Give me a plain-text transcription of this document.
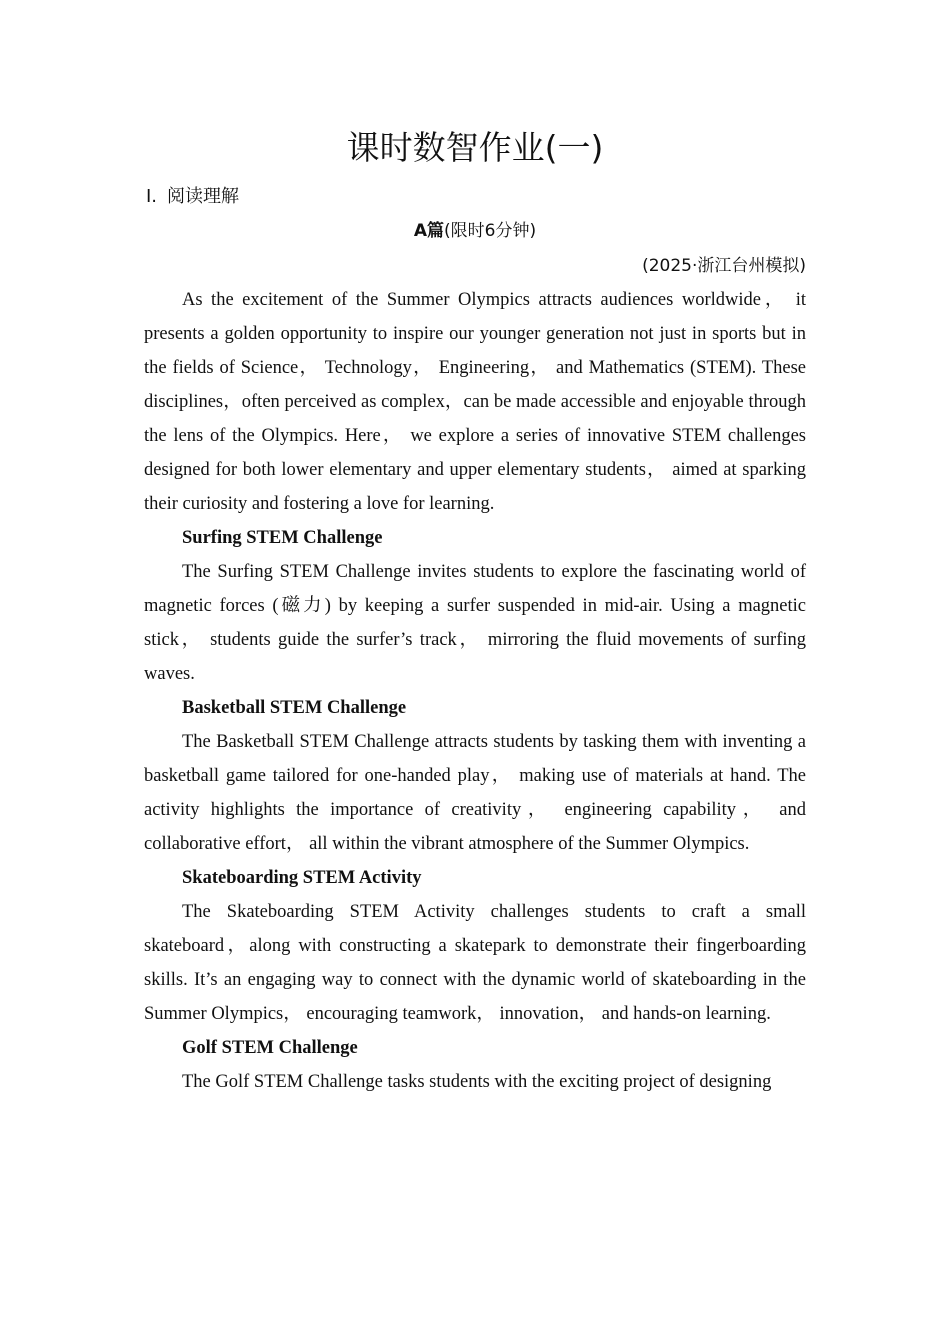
课时数智作业(一)
Ⅰ. 阅读理解
A篇(限时6分钟)
(2025·浙江台州模拟)

As the excitement of the Summer Olympics attracts audiences worldwide， it presents a golden opportunity to inspire our younger generation not just in sports but in the fields of Science， Technology， Engineering， and Mathematics (STEM). These disciplines，often perceived as complex，can be made accessible and enjoyable through the lens of the Olympics. Here， we explore a series of innovative STEM challenges designed for both lower elementary and upper elementary students， aimed at sparking their curiosity and fostering a love for learning.

Surfing STEM Challenge

The Surfing STEM Challenge invites students to explore the fascinating world of magnetic forces (磁力) by keeping a surfer suspended in mid-air. Using a magnetic stick， students guide the surfer’s track， mirroring the fluid movements of surfing waves.

Basketball STEM Challenge

The Basketball STEM Challenge attracts students by tasking them with inventing a basketball game tailored for one-handed play， making use of materials at hand. The activity highlights the importance of creativity， engineering capability， and collaborative effort， all within the vibrant atmosphere of the Summer Olympics.

Skateboarding STEM Activity

The Skateboarding STEM Activity challenges students to craft a small skateboard，along with constructing a skatepark to demonstrate their fingerboarding skills. It’s an engaging way to connect with the dynamic world of skateboarding in the Summer Olympics， encouraging teamwork， innovation， and hands-on learning.

Golf STEM Challenge

The Golf STEM Challenge tasks students with the exciting project of designing
